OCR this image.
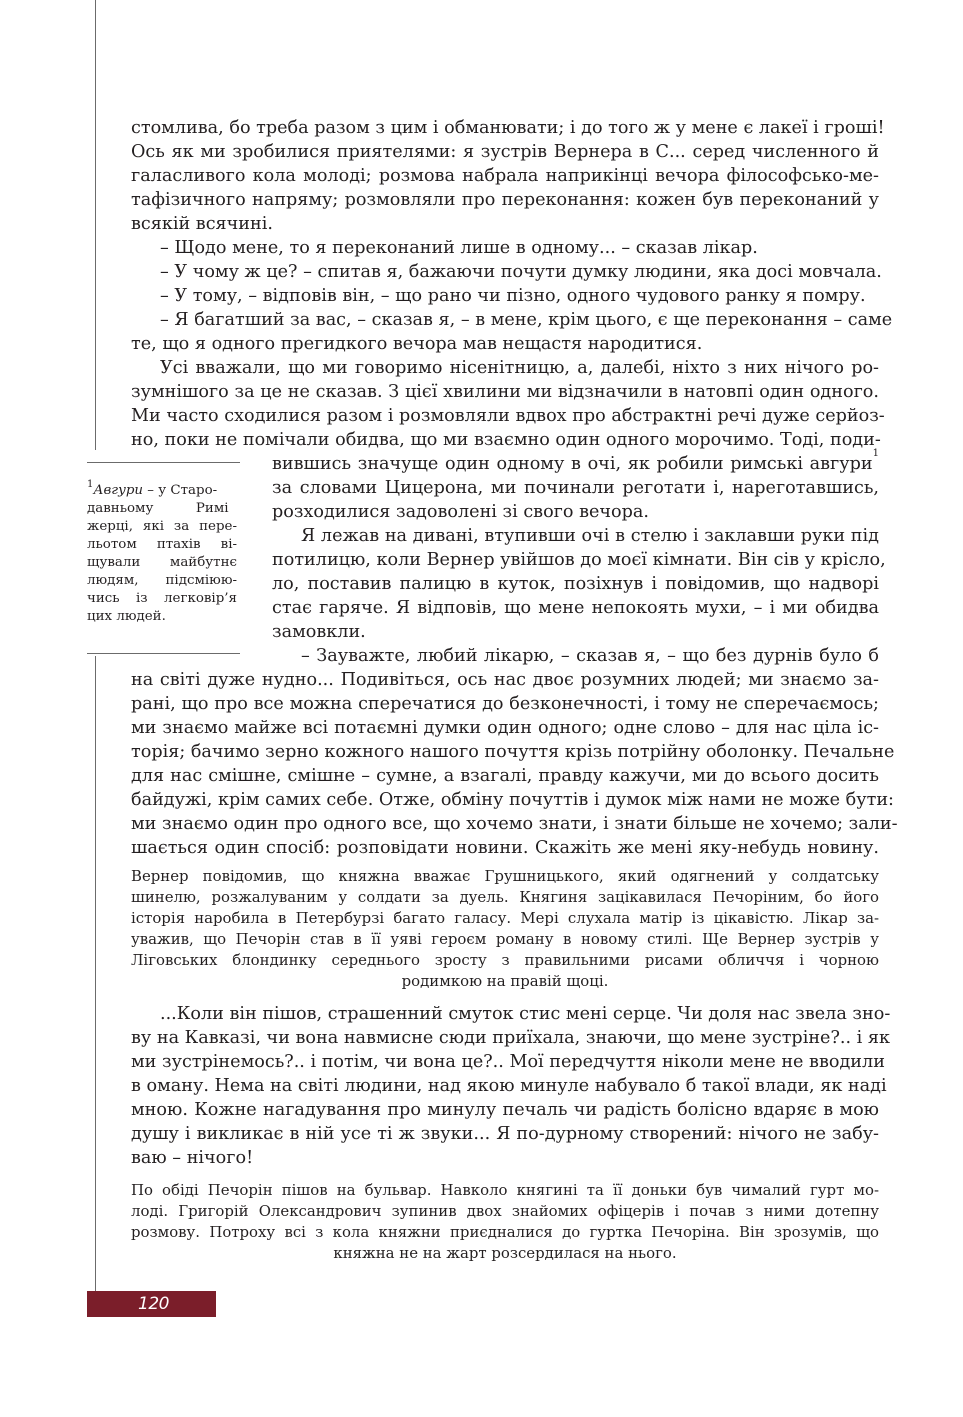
стомлива, бо треба разом з цим і обманювати; і до того ж у мене є лакеї і гроші!
Ось як ми зробилися приятелями: я зустрів Вернера в С... серед численного й
галасливого кола молоді; розмова набрала наприкінці вечора філософсько-ме-
тафізичного напряму; розмовляли про переконання: кожен був переконаний у
всякій всячині.
– Щодо мене, то я переконаний лише в одному... – сказав лікар.
– У чому ж це? – спитав я, бажаючи почути думку людини, яка досі мовчала.
– У тому, – відповів він, – що рано чи пізно, одного чудового ранку я помру.
– Я багатший за вас, – сказав я, – в мене, крім цього, є ще переконання – саме
те, що я одного прегидкого вечора мав нещастя народитися.
Усі вважали, що ми говоримо нісенітницю, а, далебі, ніхто з них нічого ро-
зумнішого за це не сказав. З цієї хвилини ми відзначили в натовпі один одного.
Ми часто сходилися разом і розмовляли вдвох про абстрактні речі дуже серйоз-
но, поки не помічали обидва, що ми взаємно один одного морочимо. Тоді, поди-
вившись значуще один одному в очі, як робили римські авгури
1
за словами Цицерона, ми починали реготати і, нареготавшись,
розходилися задоволені зі свого вечора.
Я лежав на дивані, втупивши очі в стелю і заклавши руки під
потилицю, коли Вернер увійшов до моєї кімнати. Він сів у крісло,
ло, поставив палицю в куток, позіхнув і повідомив, що надворі
стає гаряче. Я відповів, що мене непокоять мухи, – і ми обидва
замовкли.
– Зауважте, любий лікарю, – сказав я, – що без дурнів було б
на світі дуже нудно... Подивіться, ось нас двоє розумних людей; ми знаємо за-
рані, що про все можна сперечатися до безконечності, і тому не сперечаємось;
ми знаємо майже всі потаємні думки один одного; одне слово – для нас ціла іс-
торія; бачимо зерно кожного нашого почуття крізь потрійну оболонку. Печальне
для нас смішне, смішне – сумне, а взагалі, правду кажучи, ми до всього досить
байдужі, крім самих себе. Отже, обміну почуттів і думок між нами не може бути:
ми знаємо один про одного все, що хочемо знати, і знати більше не хочемо; зали-
шається один спосіб: розповідати новини. Скажіть же мені яку-небудь новину.
Вернер повідомив, що княжна вважає Грушницького, який одягнений у солдатську
шинелю, розжалуваним у солдати за дуель. Княгиня зацікавилася Печоріним, бо його
історія наробила в Петербурзі багато галасу. Мері слухала матір із цікавістю. Лікар за-
уважив, що Печорін став в її уяві героєм роману в новому стилі. Ще Вернер зустрів у
Ліговських блондинку середнього зросту з правильними рисами обличчя і чорною
родимкою на правій щоці.
...Коли він пішов, страшенний смуток стис мені серце. Чи доля нас звела зно-
ву на Кавказі, чи вона навмисне сюди приїхала, знаючи, що мене зустріне?.. і як
ми зустрінемось?.. і потім, чи вона це?.. Мої передчуття ніколи мене не вводили
в оману. Нема на світі людини, над якою минуле набувало б такої влади, як наді
мною. Кожне нагадування про минулу печаль чи радість болісно вдаряє в мою
душу і викликає в ній усе ті ж звуки... Я по-дурному створений: нічого не забу-
ваю – нічого!
По обіді Печорін пішов на бульвар. Навколо княгині та її доньки був чималий гурт мо-
лоді. Григорій Олександрович зупинив двох знайомих офіцерів і почав з ними дотепну
розмову. Потроху всі з кола княжни приєдналися до гуртка Печоріна. Він зрозумів, що
княжна не на жарт розсердилася на нього.
$^1$Авгури – у Старо-
давньому          Римі
жерці, які за пере-
льотом птахів ві-
щували майбутнє
людям, підсміюю-
чись із легковір’я
цих людей.
120
